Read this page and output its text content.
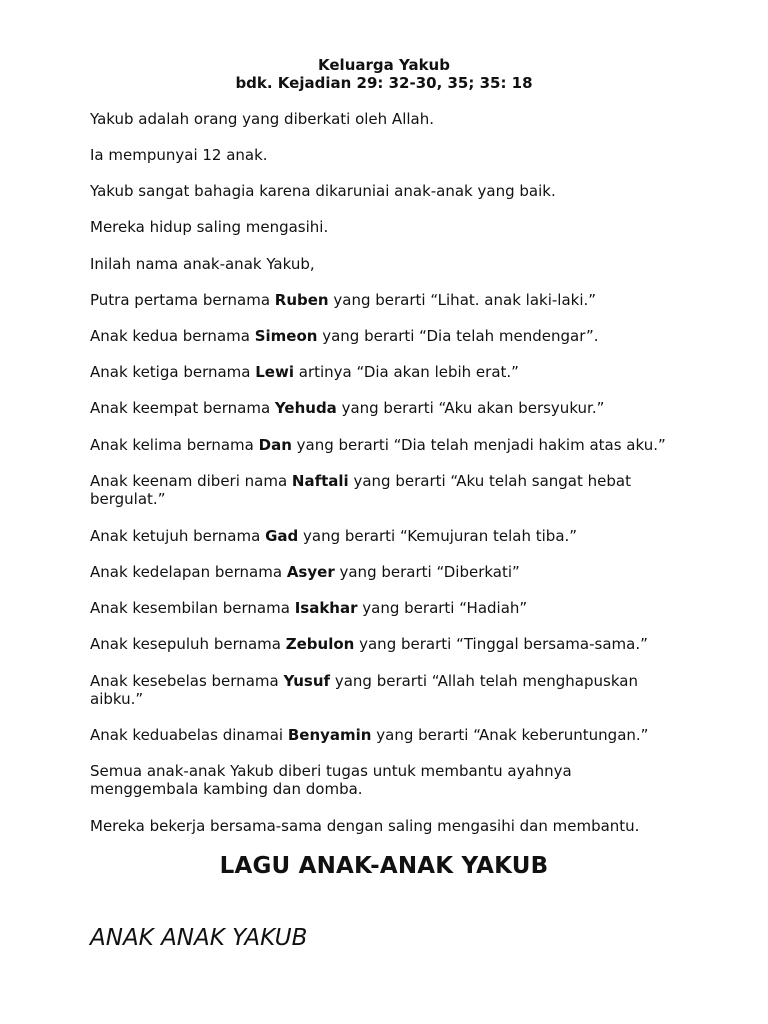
Keluarga Yakub
bdk. Kejadian 29: 32-30, 35; 35: 18

Yakub adalah orang yang diberkati oleh Allah.

Ia mempunyai 12 anak.

Yakub sangat bahagia karena dikaruniai anak-anak yang baik.

Mereka hidup saling mengasihi.

Inilah nama anak-anak Yakub,

Putra pertama bernama Ruben yang berarti “Lihat. anak laki-laki.”

Anak kedua bernama Simeon yang berarti “Dia telah mendengar”.

Anak ketiga bernama Lewi artinya “Dia akan lebih erat.”

Anak keempat bernama Yehuda yang berarti “Aku akan bersyukur.”

Anak kelima bernama Dan yang berarti “Dia telah menjadi hakim atas aku.”

Anak keenam diberi nama Naftali yang berarti “Aku telah sangat hebat bergulat.”

Anak ketujuh bernama Gad yang berarti “Kemujuran telah tiba.”

Anak kedelapan bernama Asyer yang berarti “Diberkati”

Anak kesembilan bernama Isakhar yang berarti “Hadiah”

Anak kesepuluh bernama Zebulon yang berarti “Tinggal bersama-sama.”

Anak kesebelas bernama Yusuf yang berarti “Allah telah menghapuskan aibku.”

Anak keduabelas dinamai Benyamin yang berarti “Anak keberuntungan.”

Semua anak-anak Yakub diberi tugas untuk membantu ayahnya menggembala kambing dan domba.

Mereka bekerja bersama-sama dengan saling mengasihi dan membantu.

LAGU ANAK-ANAK YAKUB
ANAK ANAK YAKUB
